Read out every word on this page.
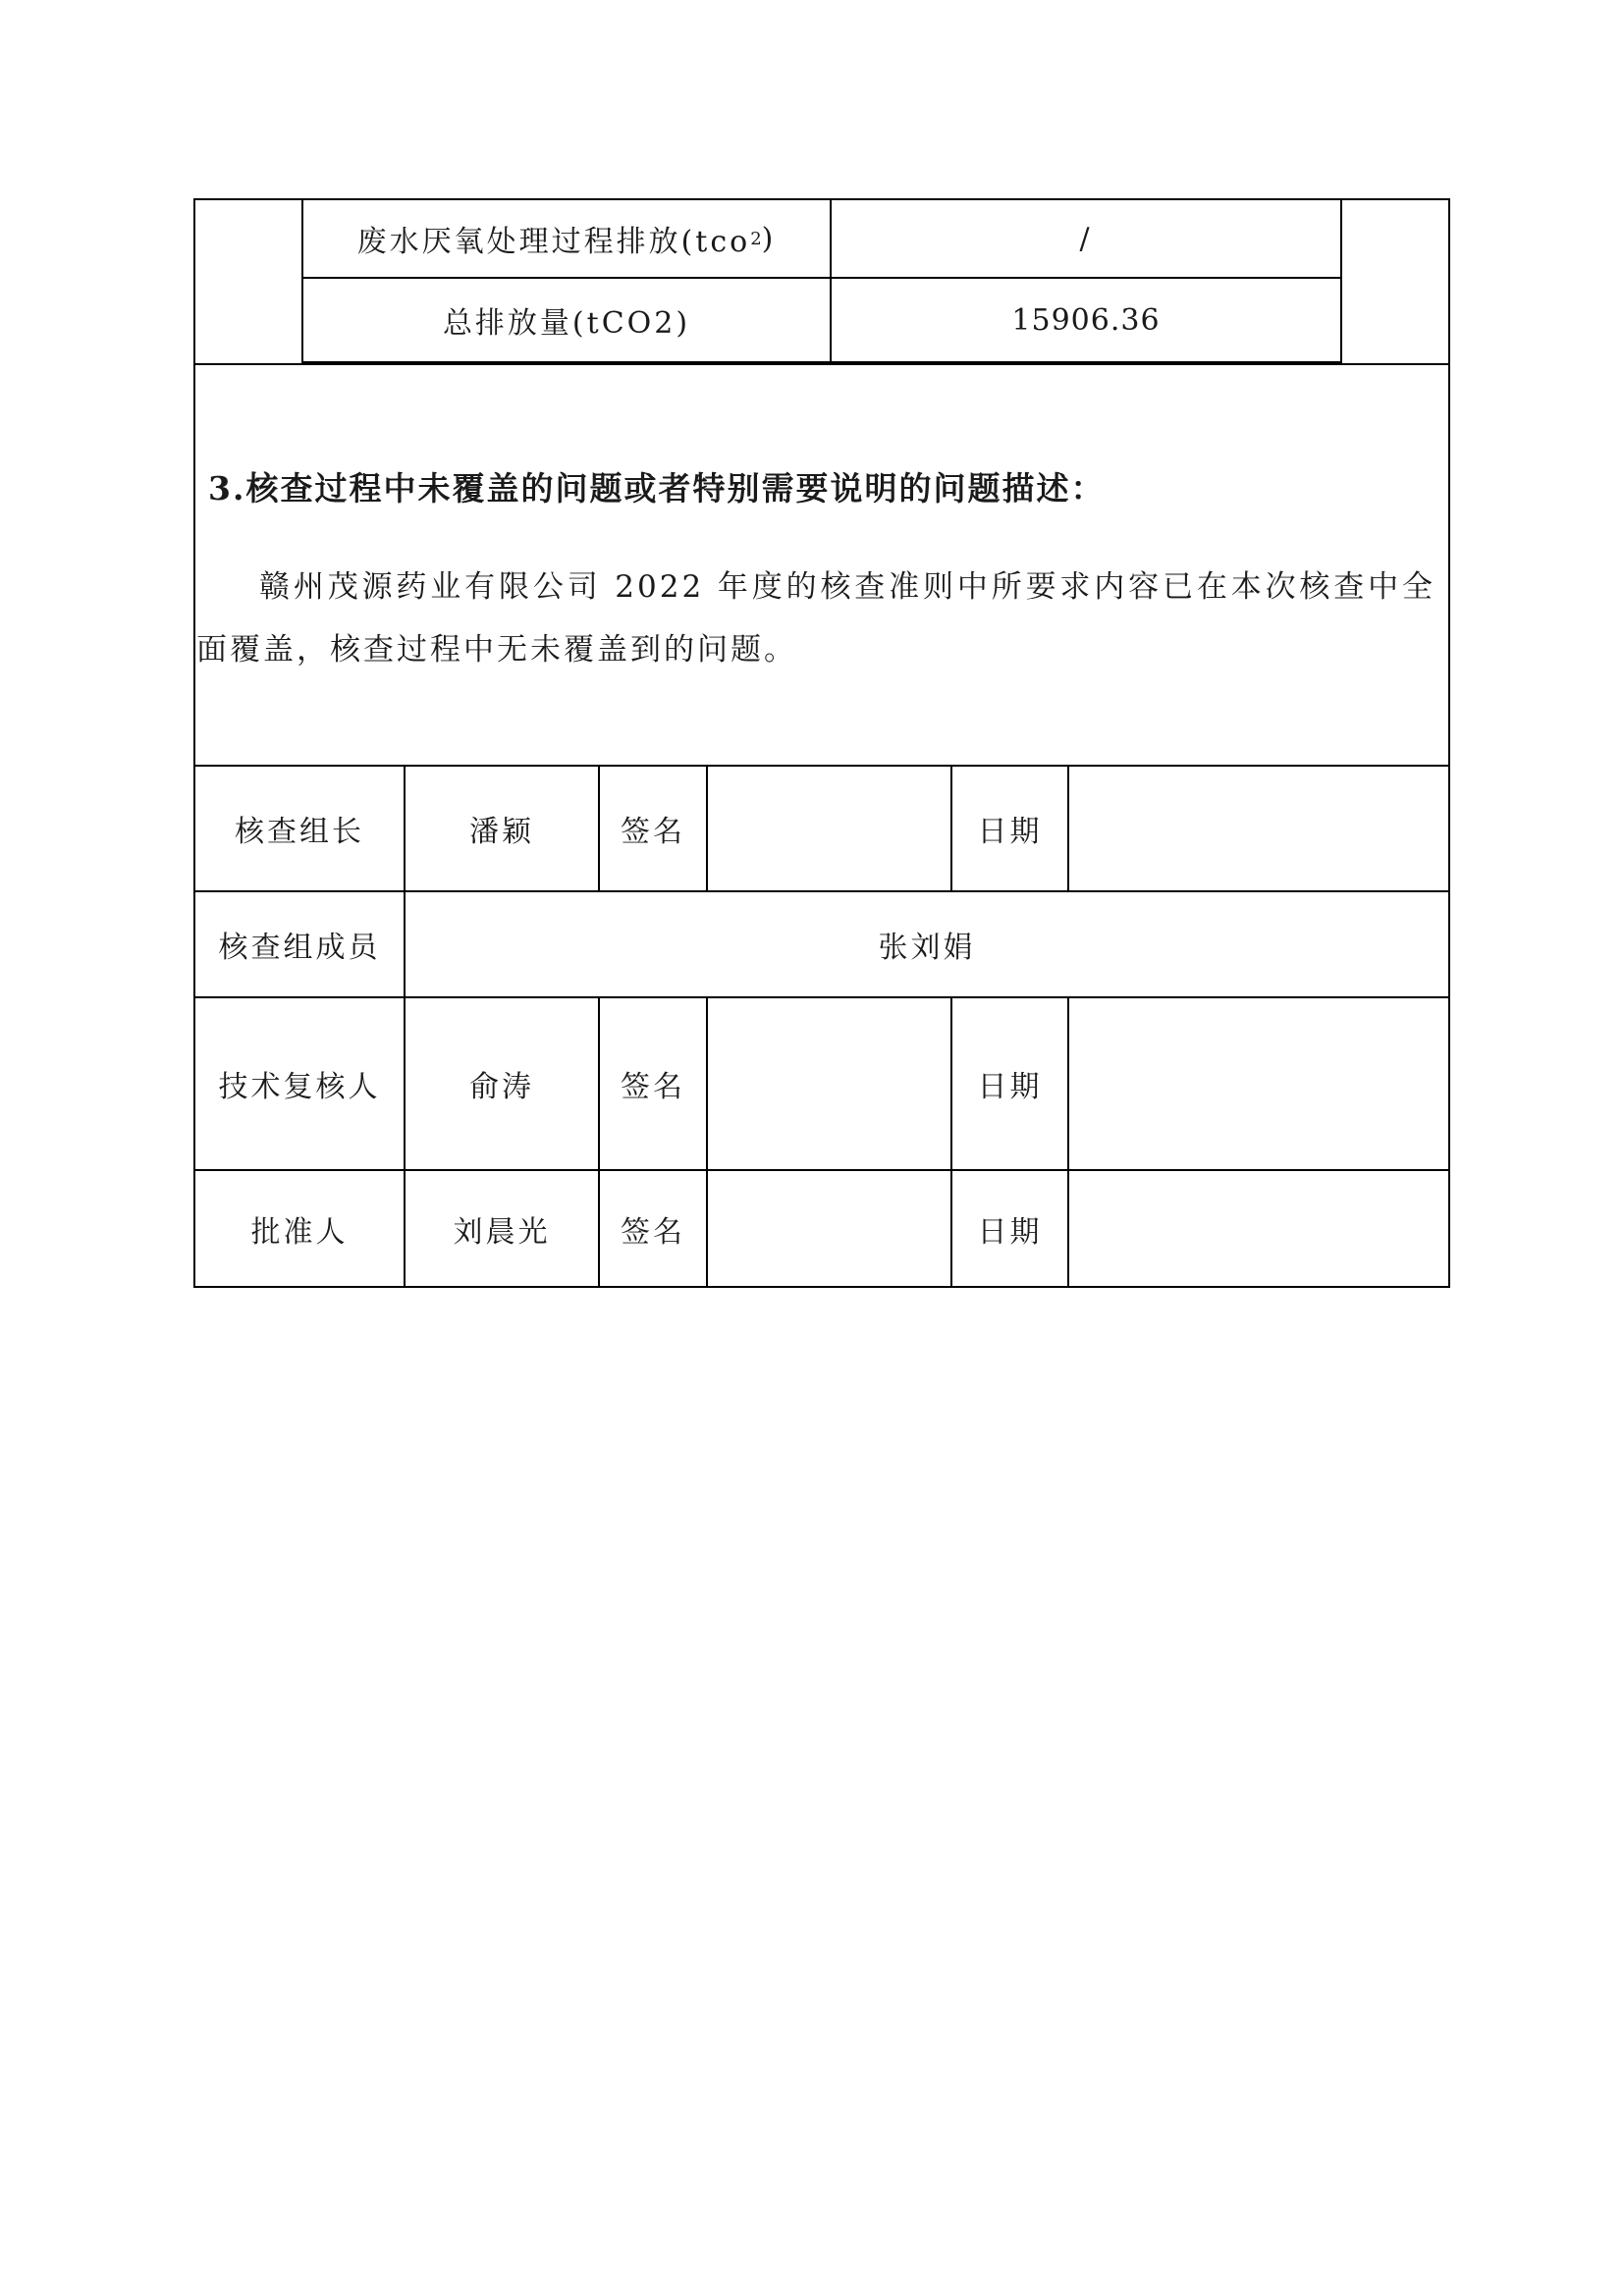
废水厌氧处理过程排放(tco 2 )	/
总排放量(tCO2)	15906.36
3.核查过程中未覆盖的问题或者特别需要说明的问题描述：
赣州茂源药业有限公司 2022 年度的核查准则中所要求内容已在本次核查中全面覆盖，核查过程中无未覆盖到的问题。
核查组长	潘颖	签名	日期
核查组成员	张刘娟
技术复核人	俞涛	签名	日期
批准人	刘晨光	签名	日期
